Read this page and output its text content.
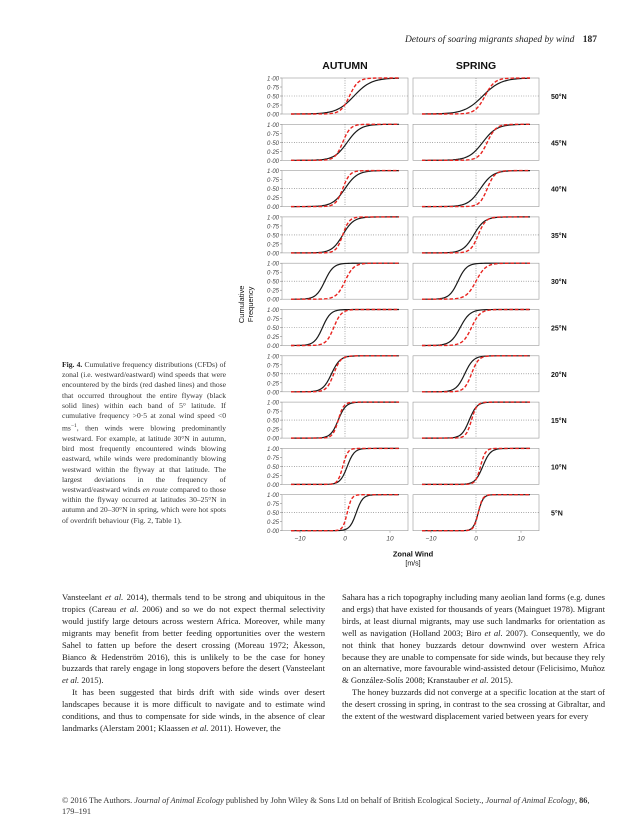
Detours of soaring migrants shaped by wind 187
AUTUMN	SPRING
1·00
0·75
0·50
0·25
0·00
50°N
1·00
0·75
0·50
0·25
0·00
45°N
1·00
0·75
0·50
0·25
0·00
40°N
1·00
0·75
0·50
0·25
0·00
35°N
1·00
0·75
0·50
0·25
0·00
30°N
1·00
0·75
0·50
0·25
0·00
25°N
1·00
0·75
0·50
0·25
0·00
20°N
1·00
0·75
0·50
0·25
0·00
15°N
1·00
0·75
0·50
0·25
0·00
10°N
1·00
0·75
0·50
0·25
0·00
5°N
−10	0	10	−10	0	10
Zonal Wind
[m/s]
Cumulative Frequency
Fig. 4. Cumulative frequency distributions (CFDs) of zonal (i.e. westward/eastward) wind speeds that were encountered by the birds (red dashed lines) and those that occurred throughout the entire flyway (black solid lines) within each band of 5° latitude. If cumulative frequency >0·5 at zonal wind speed <0 $ms^{-1}$, then winds were blowing predominantly westward. For example, at latitude 30°N in autumn, bird most frequently encountered winds blowing eastward, while winds were predominantly blowing westward within the flyway at that latitude. The largest deviations in the frequency of westward/eastward winds en route compared to those within the flyway occurred at latitudes 30–25°N in autumn and 20–30°N in spring, which were hot spots of overdrift behaviour (Fig. 2, Table 1).

Vansteelant et al. 2014), thermals tend to be strong and ubiquitous in the tropics (Careau et al. 2006) and so we do not expect thermal selectivity would justify large detours across western Africa. Moreover, while many migrants may benefit from better feeding opportunities over the western Sahel to fatten up before the desert crossing (Moreau 1972; Åkesson, Bianco & Hedenström 2016), this is unlikely to be the case for honey buzzards that rarely engage in long stopovers before the desert (Vansteelant et al. 2015).

It has been suggested that birds drift with side winds over desert landscapes because it is more difficult to navigate and to estimate wind conditions, and thus to compensate for side winds, in the absence of clear landmarks (Alerstam 2001; Klaassen et al. 2011). However, the

Sahara has a rich topography including many aeolian land forms (e.g. dunes and ergs) that have existed for thousands of years (Mainguet 1978). Migrant birds, at least diurnal migrants, may use such landmarks for orientation as well as navigation (Holland 2003; Biro et al. 2007). Consequently, we do not think that honey buzzards detour downwind over western Africa because they are unable to compensate for side winds, but because they rely on an alternative, more favourable wind-assisted detour (Felicisimo, Muñoz & González-Solís 2008; Kranstauber et al. 2015).

The honey buzzards did not converge at a specific location at the start of the desert crossing in spring, in contrast to the sea crossing at Gibraltar, and the extent of the westward displacement varied between years for every

© 2016 The Authors. Journal of Animal Ecology published by John Wiley & Sons Ltd on behalf of British Ecological Society., Journal of Animal Ecology, 86, 179–191
